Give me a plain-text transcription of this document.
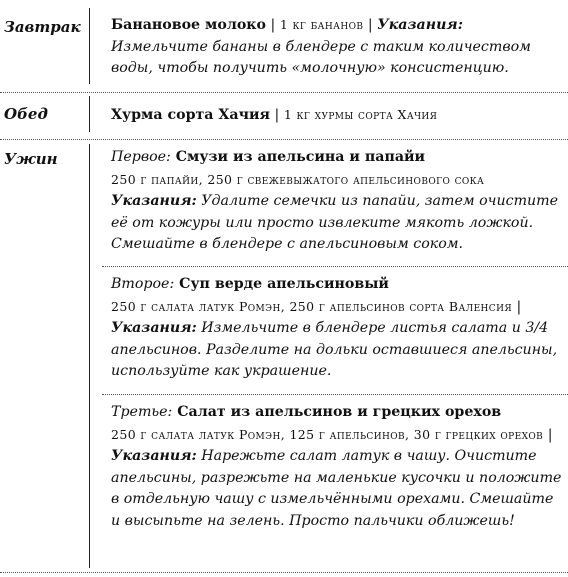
Завтрак Банановое молоко | 1 кг бананов | Указания: Измельчите бананы в блендере с таким количеством воды, чтобы получить «молочную» консистенцию.

Обед	Хурма сорта Хачия | 1 кг хурмы сорта Хачия

Ужин	Первое: Смузи из апельсина и папайи

250 г папайи, 250 г свежевыжатого апельсинового сока

Указания: Удалите семечки из папайи, затем очистите её от кожуры или просто извлеките мякоть ложкой. Смешайте в блендере с апельсиновым соком.

Второе: Суп верде апельсиновый

250 г салата латук Ромэн, 250 г апельсинов сорта Валенсия | Указания: Измельчите в блендере листья салата и 3/4 апельсинов. Разделите на дольки оставшиеся апельсины, используйте как украшение.

Третье: Салат из апельсинов и грецких орехов

250 г салата латук Ромэн, 125 г апельсинов, 30 г грецких орехов | Указания: Нарежьте салат латук в чашу. Очистите апельсины, разрежьте на маленькие кусочки и положите в отдельную чашу с измельчёнными орехами. Смешайте и высыпьте на зелень. Просто пальчики оближешь!
